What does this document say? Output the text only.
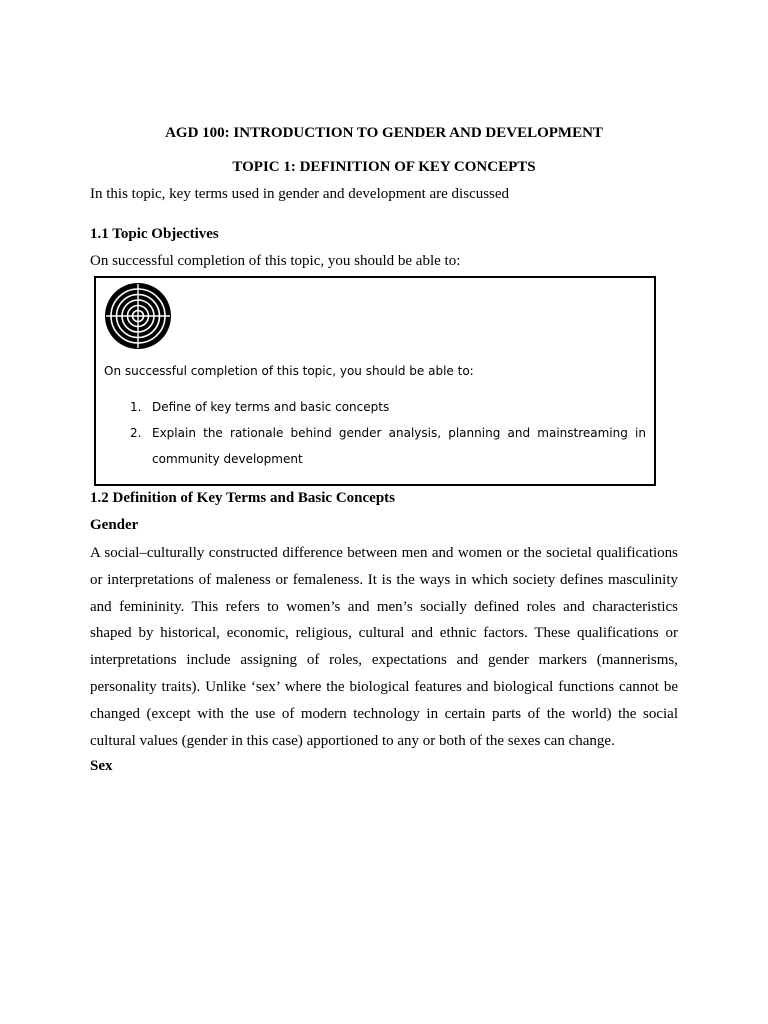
AGD 100: INTRODUCTION TO GENDER AND DEVELOPMENT
TOPIC 1: DEFINITION OF KEY CONCEPTS
In this topic, key terms used in gender and development are discussed
1.1 Topic Objectives
On successful completion of this topic, you should be able to:
On successful completion of this topic, you should be able to:
1. Define of key terms and basic concepts
2. Explain the rationale behind gender analysis, planning and mainstreaming in community development
1.2 Definition of Key Terms and Basic Concepts
Gender

A social–culturally constructed difference between men and women or the societal qualifications or interpretations of maleness or femaleness. It is the ways in which society defines masculinity and femininity. This refers to women’s and men’s socially defined roles and characteristics shaped by historical, economic, religious, cultural and ethnic factors. These qualifications or interpretations include assigning of roles, expectations and gender markers (mannerisms, personality traits). Unlike ‘sex’ where the biological features and biological functions cannot be changed (except with the use of modern technology in certain parts of the world) the social cultural values (gender in this case) apportioned to any or both of the sexes can change.

Sex
